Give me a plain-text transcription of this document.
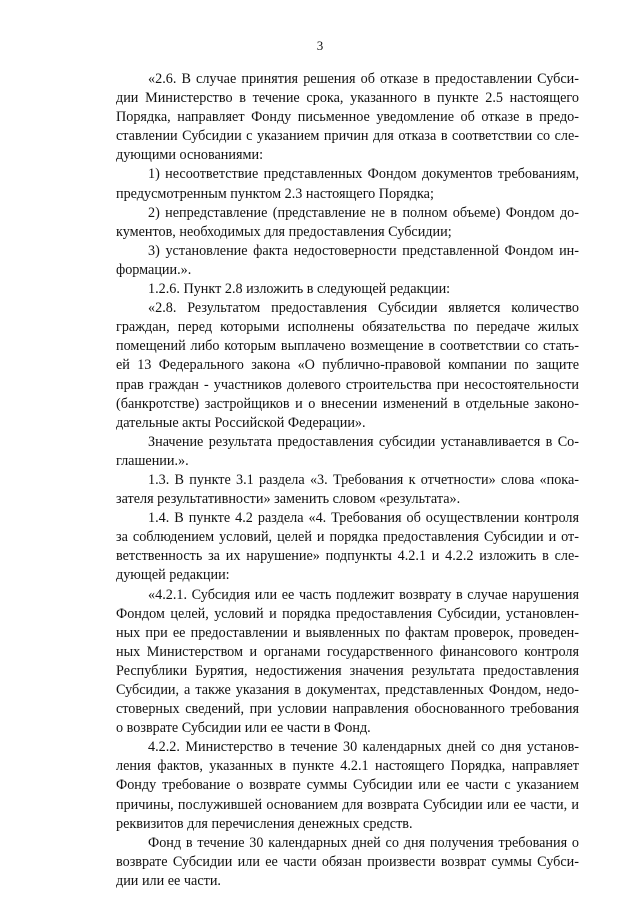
3
«2.6. В случае принятия решения об отказе в предоставлении Субси-
дии Министерство в течение срока, указанного в пункте 2.5 настоящего
Порядка, направляет Фонду письменное уведомление об отказе в предо-
ставлении Субсидии с указанием причин для отказа в соответствии со сле-
дующими основаниями:
1) несоответствие представленных Фондом документов требованиям,
предусмотренным пунктом 2.3 настоящего Порядка;
2) непредставление (представление не в полном объеме) Фондом до-
кументов, необходимых для предоставления Субсидии;
3) установление факта недостоверности представленной Фондом ин-
формации.».
1.2.6. Пункт 2.8 изложить в следующей редакции:
«2.8. Результатом предоставления Субсидии является количество
граждан, перед которыми исполнены обязательства по передаче жилых
помещений либо которым выплачено возмещение в соответствии со стать-
ей 13 Федерального закона «О публично-правовой компании по защите
прав граждан - участников долевого строительства при несостоятельности
(банкротстве) застройщиков и о внесении изменений в отдельные законо-
дательные акты Российской Федерации».
Значение результата предоставления субсидии устанавливается в Со-
глашении.».
1.3. В пункте 3.1 раздела «3. Требования к отчетности» слова «пока-
зателя результативности» заменить словом «результата».
1.4. В пункте 4.2 раздела «4. Требования об осуществлении контроля
за соблюдением условий, целей и порядка предоставления Субсидии и от-
ветственность за их нарушение» подпункты 4.2.1 и 4.2.2 изложить в сле-
дующей редакции:
«4.2.1. Субсидия или ее часть подлежит возврату в случае нарушения
Фондом целей, условий и порядка предоставления Субсидии, установлен-
ных при ее предоставлении и выявленных по фактам проверок, проведен-
ных Министерством и органами государственного финансового контроля
Республики Бурятия, недостижения значения результата предоставления
Субсидии, а также указания в документах, представленных Фондом, недо-
стоверных сведений, при условии направления обоснованного требования
о возврате Субсидии или ее части в Фонд.
4.2.2. Министерство в течение 30 календарных дней со дня установ-
ления фактов, указанных в пункте 4.2.1 настоящего Порядка, направляет
Фонду требование о возврате суммы Субсидии или ее части с указанием
причины, послужившей основанием для возврата Субсидии или ее части, и
реквизитов для перечисления денежных средств.
Фонд в течение 30 календарных дней со дня получения требования о
возврате Субсидии или ее части обязан произвести возврат суммы Субси-
дии или ее части.
